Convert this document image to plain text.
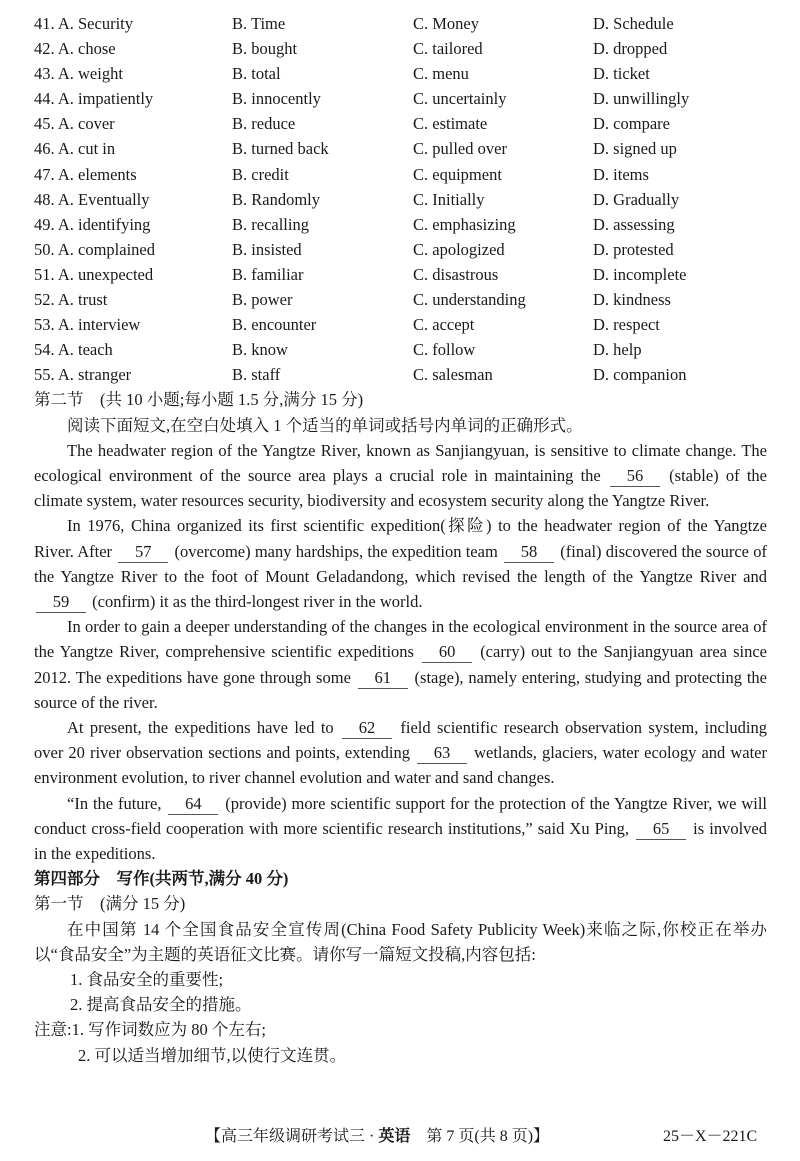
41. A. Security	B. Time	C. Money	D. Schedule
42. A. chose	B. bought	C. tailored	D. dropped
43. A. weight	B. total	C. menu	D. ticket
44. A. impatiently	B. innocently	C. uncertainly	D. unwillingly
45. A. cover	B. reduce	C. estimate	D. compare
46. A. cut in	B. turned back	C. pulled over	D. signed up
47. A. elements	B. credit	C. equipment	D. items
48. A. Eventually	B. Randomly	C. Initially	D. Gradually
49. A. identifying	B. recalling	C. emphasizing	D. assessing
50. A. complained	B. insisted	C. apologized	D. protested
51. A. unexpected	B. familiar	C. disastrous	D. incomplete
52. A. trust	B. power	C. understanding	D. kindness
53. A. interview	B. encounter	C. accept	D. respect
54. A. teach	B. know	C. follow	D. help
55. A. stranger	B. staff	C. salesman	D. companion
第二节　(共 10 小题;每小题 1.5 分,满分 15 分)
阅读下面短文,在空白处填入 1 个适当的单词或括号内单词的正确形式。
The headwater region of the Yangtze River, known as Sanjiangyuan, is sensitive to climate change. The ecological environment of the source area plays a crucial role in maintaining the 56 (stable) of the climate system, water resources security, biodiversity and ecosystem security along the Yangtze River.
In 1976, China organized its first scientific expedition(探险) to the headwater region of the Yangtze River. After 57 (overcome) many hardships, the expedition team 58 (final) discovered the source of the Yangtze River to the foot of Mount Geladandong, which revised the length of the Yangtze River and 59 (confirm) it as the third-longest river in the world.
In order to gain a deeper understanding of the changes in the ecological environment in the source area of the Yangtze River, comprehensive scientific expeditions 60 (carry) out to the Sanjiangyuan area since 2012. The expeditions have gone through some 61 (stage), namely entering, studying and protecting the source of the river.
At present, the expeditions have led to 62 field scientific research observation system, including over 20 river observation sections and points, extending 63 wetlands, glaciers, water ecology and water environment evolution, to river channel evolution and water and sand changes.
“In the future, 64 (provide) more scientific support for the protection of the Yangtze River, we will conduct cross-field cooperation with more scientific research institutions,” said Xu Ping, 65 is involved in the expeditions.
第四部分　写作(共两节,满分 40 分)
第一节　(满分 15 分)
在中国第 14 个全国食品安全宣传周(China Food Safety Publicity Week)来临之际,你校正在举办以“食品安全”为主题的英语征文比赛。请你写一篇短文投稿,内容包括:
1. 食品安全的重要性;
2. 提高食品安全的措施。
注意:1. 写作词数应为 80 个左右;
2. 可以适当增加细节,以使行文连贯。
【高三年级调研考试三 · 英语　第 7 页(共 8 页)】	25－X－221C
